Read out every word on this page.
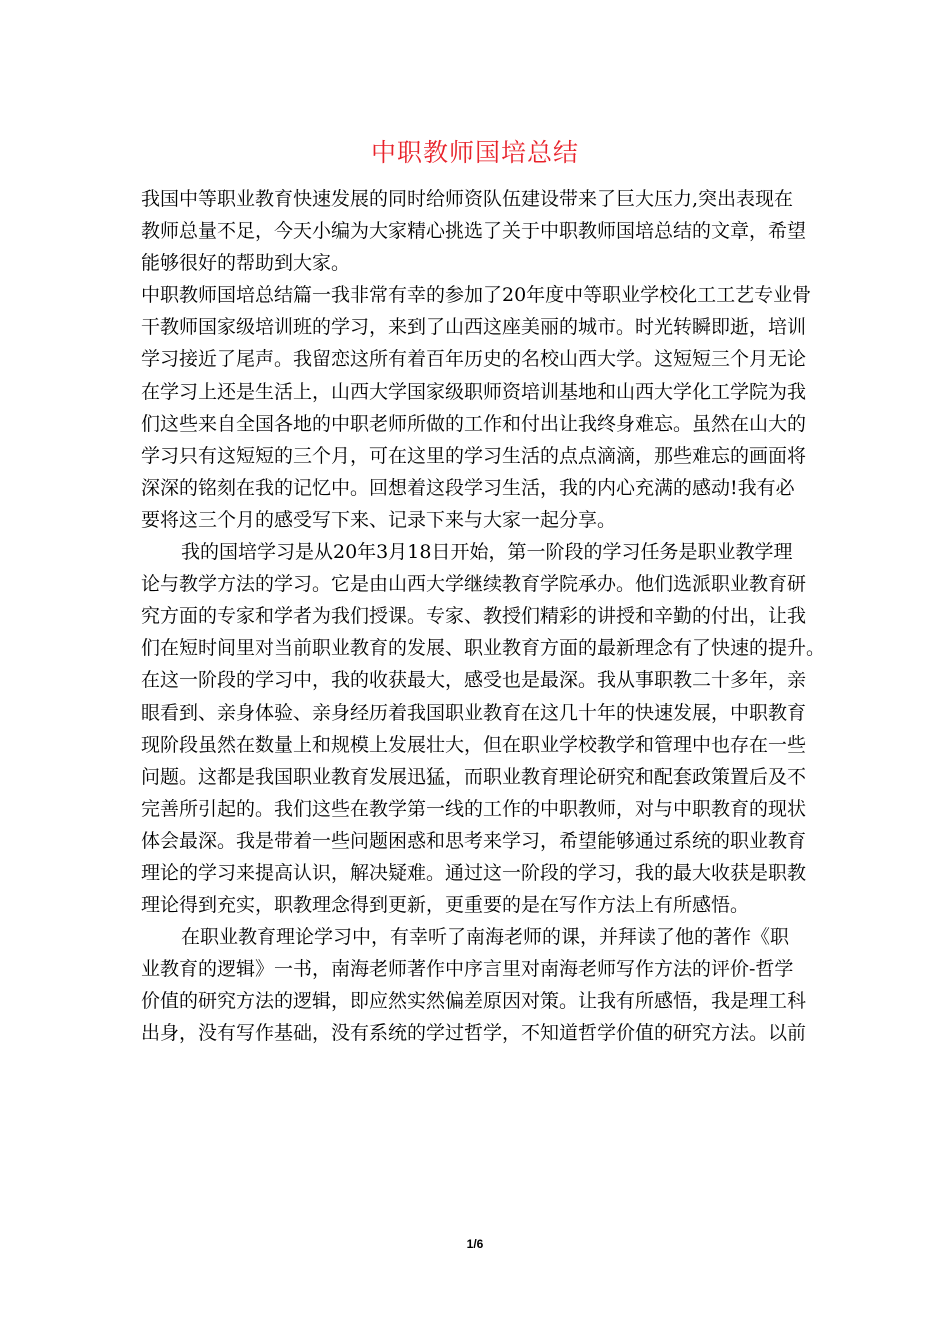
中职教师国培总结
我国中等职业教育快速发展的同时给师资队伍建设带来了巨大压力,突出表现在
教师总量不足，今天小编为大家精心挑选了关于中职教师国培总结的文章，希望
能够很好的帮助到大家。
中职教师国培总结篇一我非常有幸的参加了20年度中等职业学校化工工艺专业骨
干教师国家级培训班的学习，来到了山西这座美丽的城市。时光转瞬即逝，培训
学习接近了尾声。我留恋这所有着百年历史的名校山西大学。这短短三个月无论
在学习上还是生活上，山西大学国家级职师资培训基地和山西大学化工学院为我
们这些来自全国各地的中职老师所做的工作和付出让我终身难忘。虽然在山大的
学习只有这短短的三个月，可在这里的学习生活的点点滴滴，那些难忘的画面将
深深的铭刻在我的记忆中。回想着这段学习生活，我的内心充满的感动!我有必
要将这三个月的感受写下来、记录下来与大家一起分享。
我的国培学习是从20年3月18日开始，第一阶段的学习任务是职业教学理
论与教学方法的学习。它是由山西大学继续教育学院承办。他们选派职业教育研
究方面的专家和学者为我们授课。专家、教授们精彩的讲授和辛勤的付出，让我
们在短时间里对当前职业教育的发展、职业教育方面的最新理念有了快速的提升。
在这一阶段的学习中，我的收获最大，感受也是最深。我从事职教二十多年，亲
眼看到、亲身体验、亲身经历着我国职业教育在这几十年的快速发展，中职教育
现阶段虽然在数量上和规模上发展壮大，但在职业学校教学和管理中也存在一些
问题。这都是我国职业教育发展迅猛，而职业教育理论研究和配套政策置后及不
完善所引起的。我们这些在教学第一线的工作的中职教师，对与中职教育的现状
体会最深。我是带着一些问题困惑和思考来学习，希望能够通过系统的职业教育
理论的学习来提高认识，解决疑难。通过这一阶段的学习，我的最大收获是职教
理论得到充实，职教理念得到更新，更重要的是在写作方法上有所感悟。
在职业教育理论学习中，有幸听了南海老师的课，并拜读了他的著作《职
业教育的逻辑》一书，南海老师著作中序言里对南海老师写作方法的评价-哲学
价值的研究方法的逻辑，即应然实然偏差原因对策。让我有所感悟，我是理工科
出身，没有写作基础，没有系统的学过哲学，不知道哲学价值的研究方法。以前
1/6
